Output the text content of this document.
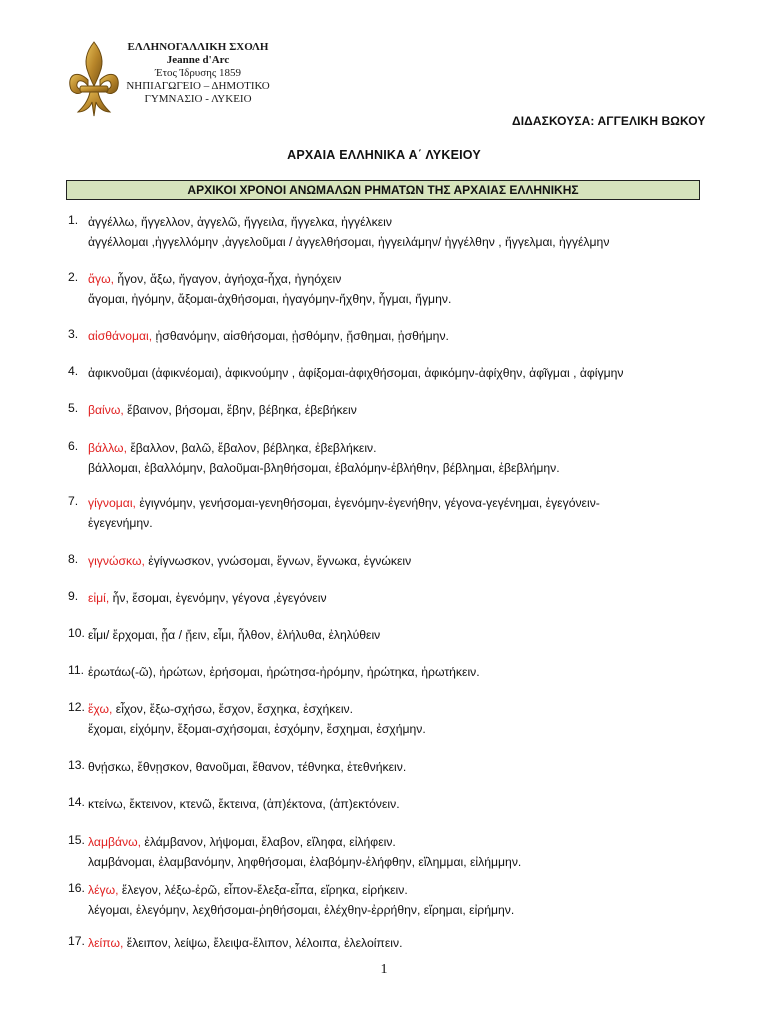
ΕΛΛΗΝΟΓΑΛΛΙΚΗ ΣΧΟΛΗ
Jeanne d'Arc
Έτος Ίδρυσης 1859
ΝΗΠΙΑΓΩΓΕΙΟ – ΔΗΜΟΤΙΚΟ
ΓΥΜΝΑΣΙΟ - ΛΥΚΕΙΟ
ΔΙΔΑΣΚΟΥΣΑ: ΑΓΓΕΛΙΚΗ ΒΩΚΟΥ
ΑΡΧΑΙΑ ΕΛΛΗΝΙΚΑ Α΄ ΛΥΚΕΙΟΥ
ΑΡΧΙΚΟΙ ΧΡΟΝΟΙ ΑΝΩΜΑΛΩΝ ΡΗΜΑΤΩΝ ΤΗΣ ΑΡΧΑΙΑΣ ΕΛΛΗΝΙΚΗΣ
1. ἀγγέλλω, ἤγγελλον, ἀγγελῶ, ἤγγειλα, ἤγγελκα, ἠγγέλκειν
ἀγγέλλομαι ,ἠγγελλόμην ,ἀγγελοῦμαι / ἀγγελθήσομαι, ἠγγειλάμην/ ἠγγέλθην , ἤγγελμαι, ἠγγέλμην
2. ἄγω, ἦγον, ἄξω, ἤγαγον, ἀγήοχα-ἦχα, ἠγηόχειν
ἄγομαι, ἠγόμην, ἄξομαι-ἀχθήσομαι, ἠγαγόμην-ἤχθην, ἦγμαι, ἤγμην.
3. αἰσθάνομαι, ᾐσθανόμην, αἰσθήσομαι, ᾐσθόμην, ᾔσθημαι, ᾐσθήμην.
4. ἀφικνοῦμαι (ἀφικνέομαι), ἀφικνούμην , ἀφίξομαι-ἀφιχθήσομαι, ἀφικόμην-ἀφίχθην, ἀφῖγμαι , ἀφίγμην
5. βαίνω, ἔβαινον, βήσομαι, ἔβην, βέβηκα, ἐβεβήκειν
6. βάλλω, ἔβαλλον, βαλῶ, ἔβαλον, βέβληκα, ἐβεβλήκειν.
βάλλομαι, ἐβαλλόμην, βαλοῦμαι-βληθήσομαι, ἐβαλόμην-ἐβλήθην, βέβλημαι, ἐβεβλήμην.
7. γίγνομαι, ἐγιγνόμην, γενήσομαι-γενηθήσομαι, ἐγενόμην-ἐγενήθην, γέγονα-γεγένημαι, ἐγεγόνειν-
ἐγεγενήμην.
8. γιγνώσκω, ἐγίγνωσκον, γνώσομαι, ἔγνων, ἔγνωκα, ἐγνώκειν
9. εἰμί, ἦν, ἔσομαι, ἐγενόμην, γέγονα ,ἐγεγόνειν
10. εἶμι/ ἔρχομαι, ᾖα / ᾔειν, εἶμι, ἦλθον, ἐλήλυθα, ἐληλύθειν
11. ἐρωτάω(-ῶ), ἠρώτων, ἐρήσομαι, ἠρώτησα-ἠρόμην, ἠρώτηκα, ἠρωτήκειν.
12. ἔχω, εἶχον, ἕξω-σχήσω, ἔσχον, ἔσχηκα, ἐσχήκειν.
ἔχομαι, εἰχόμην, ἕξομαι-σχήσομαι, ἐσχόμην, ἔσχημαι, ἐσχήμην.
13. θνῄσκω, ἔθνῃσκον, θανοῦμαι, ἔθανον, τέθνηκα, ἐτεθνήκειν.
14. κτείνω, ἔκτεινον, κτενῶ, ἔκτεινα, (ἀπ)έκτονα, (ἀπ)εκτόνειν.
15. λαμβάνω, ἐλάμβανον, λήψομαι, ἔλαβον, εἴληφα, εἰλήφειν.
λαμβάνομαι, ἐλαμβανόμην, ληφθήσομαι, ἐλαβόμην-ἐλήφθην, εἴλημμαι, εἰλήμμην.
16. λέγω, ἔλεγον, λέξω-ἐρῶ, εἶπον-ἔλεξα-εἶπα, εἴρηκα, εἰρήκειν.
λέγομαι, ἐλεγόμην, λεχθήσομαι-ῥηθήσομαι, ἐλέχθην-ἐρρήθην, εἴρημαι, εἰρήμην.
17. λείπω, ἔλειπον, λείψω, ἔλειψα-ἔλιπον, λέλοιπα, ἐλελοίπειν.
1
